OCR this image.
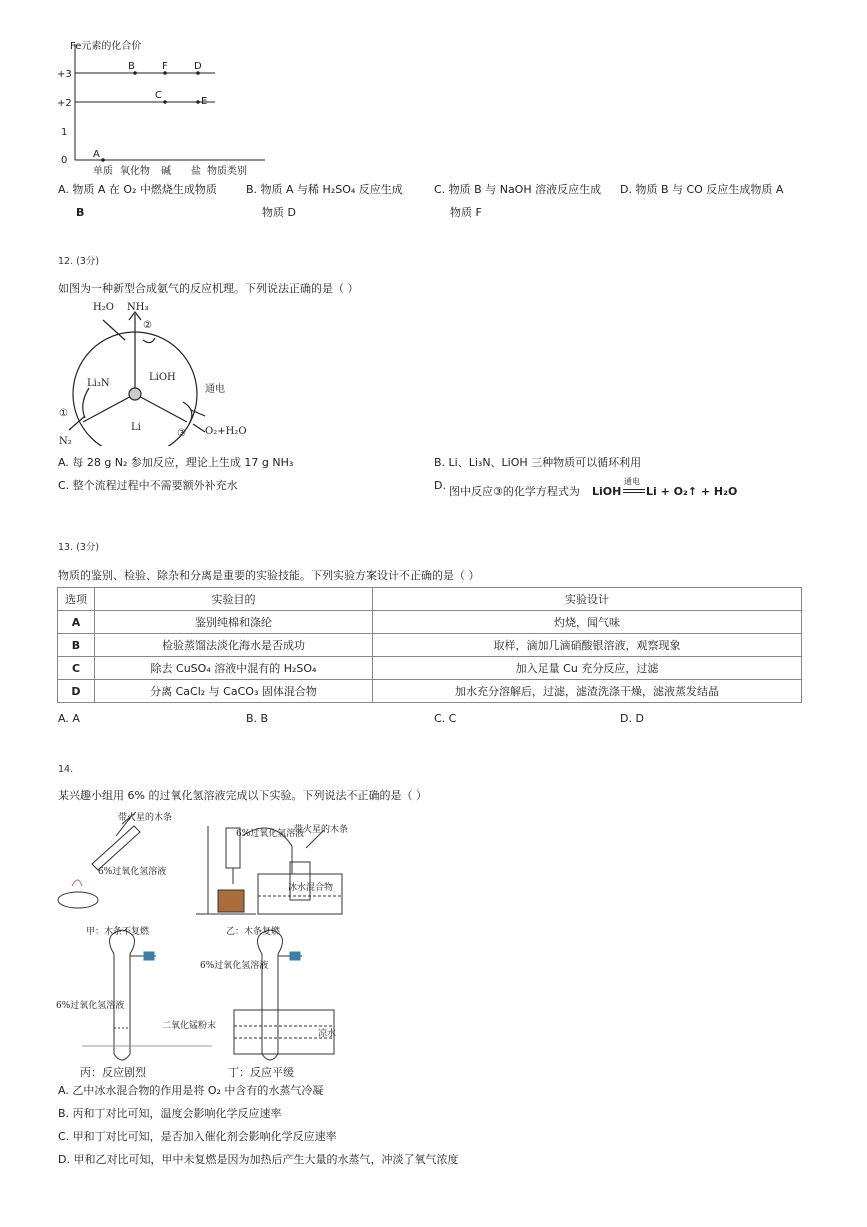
Fe元素的化合价
+3
+2
1
0
B	F	D
C
E
A
单质 氧化物 碱 盐 物质类别
A. 物质 A 在 O₂ 中燃烧生成物质
B
B. 物质 A 与稀 H₂SO₄ 反应生成
物质 D
C. 物质 B 与 NaOH 溶液反应生成
物质 F
D. 物质 B 与 CO 反应生成物质 A
12. (3分)
如图为一种新型合成氨气的反应机理。下列说法正确的是（ ）
H₂O NH₃
②
Li₃N
LiOH
Li
①
N₂
③
通电
O₂+H₂O
A. 每 28 g N₂ 参加反应，理论上生成 17 g NH₃	B. Li、Li₃N、LiOH 三种物质可以循环利用
C. 整个流程过程中不需要额外补充水	D. 图中反应③的化学方程式为 LiOH
通电
Li + O₂↑ + H₂O
13. (3分)
物质的鉴别、检验、除杂和分离是重要的实验技能。下列实验方案设计不正确的是（ ）
选项	实验目的	实验设计
A	鉴别纯棉和涤纶	灼烧，闻气味
B	检验蒸馏法淡化海水是否成功	取样，滴加几滴硝酸银溶液，观察现象
C	除去 CuSO₄ 溶液中混有的 H₂SO₄	加入足量 Cu 充分反应，过滤
D	分离 CaCl₂ 与 CaCO₃ 固体混合物	加水充分溶解后，过滤，滤渣洗涤干燥，滤液蒸发结晶
A. A	B. B	C. C	D. D
14.
某兴趣小组用 6% 的过氧化氢溶液完成以下实验。下列说法不正确的是（ ）
带火星的木条
6%过氧化氢溶液
甲：木条不复燃
6%过氧化氢溶液
带火星的木条
冰水混合物
乙：木条复燃
6%过氧化氢溶液
二氧化锰粉末
6%过氧化氢溶液
凉水
丙：反应剧烈	丁：反应平缓
A. 乙中冰水混合物的作用是将 O₂ 中含有的水蒸气冷凝
B. 丙和丁对比可知，温度会影响化学反应速率
C. 甲和丁对比可知，是否加入催化剂会影响化学反应速率
D. 甲和乙对比可知，甲中未复燃是因为加热后产生大量的水蒸气，冲淡了氧气浓度
